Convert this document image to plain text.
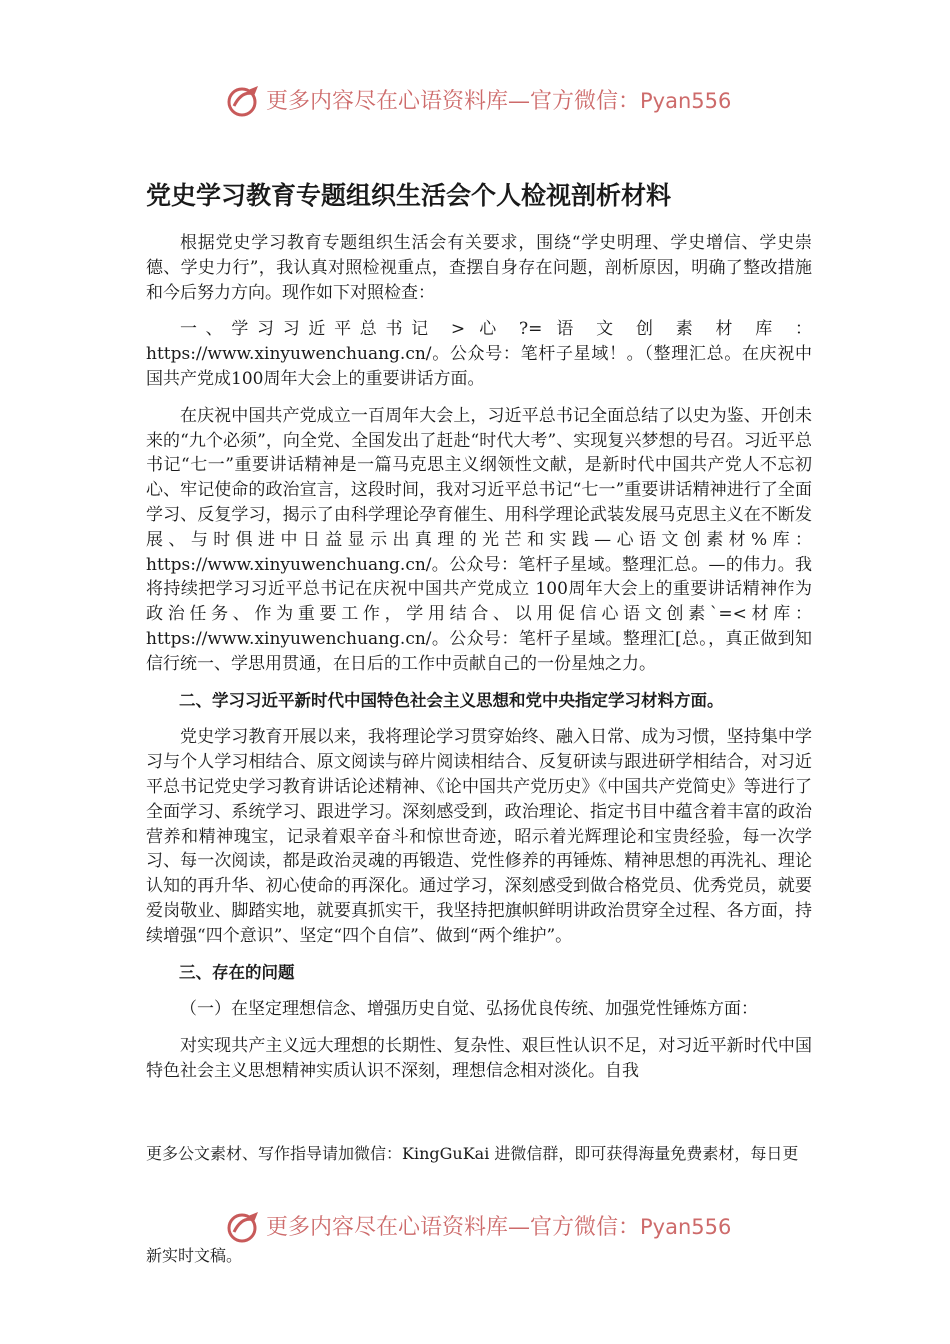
更多内容尽在心语资料库—官方微信：Pyan556
党史学习教育专题组织生活会个人检视剖析材料

根据党史学习教育专题组织生活会有关要求，围绕“学史明理、学史增信、学史崇德、学史力行”，我认真对照检视重点，查摆自身存在问题，剖析原因，明确了整改措施和今后努力方向。现作如下对照检查：

一、学习习近平总书记 > 心 ?= 语 文 创 素 材 库 ： https://www.xinyuwenchuang.cn/。公众号：笔杆子星域！。（整理汇总。在庆祝中国共产党成100周年大会上的重要讲话方面。

在庆祝中国共产党成立一百周年大会上，习近平总书记全面总结了以史为鉴、开创未来的“九个必须”，向全党、全国发出了赶赴“时代大考”、实现复兴梦想的号召。习近平总书记“七一”重要讲话精神是一篇马克思主义纲领性文献，是新时代中国共产党人不忘初心、牢记使命的政治宣言，这段时间，我对习近平总书记“七一”重要讲话精神进行了全面学习、反复学习，揭示了由科学理论孕育催生、用科学理论武装发展马克思主义在不断发展、与时俱进中日益显示出真理的光芒和实践—心语文创素材%库：https://www.xinyuwenchuang.cn/。公众号：笔杆子星域。整理汇总。—的伟力。我将持续把学习习近平总书记在庆祝中国共产党成立 100周年大会上的重要讲话精神作为政治任务、作为重要工作，学用结合、以用促信心语文创素`=<材库：https://www.xinyuwenchuang.cn/。公众号：笔杆子星域。整理汇[总。，真正做到知信行统一、学思用贯通，在日后的工作中贡献自己的一份星烛之力。

二、学习习近平新时代中国特色社会主义思想和党中央指定学习材料方面。

党史学习教育开展以来，我将理论学习贯穿始终、融入日常、成为习惯，坚持集中学习与个人学习相结合、原文阅读与碎片阅读相结合、反复研读与跟进研学相结合，对习近平总书记党史学习教育讲话论述精神、《论中国共产党历史》《中国共产党简史》等进行了全面学习、系统学习、跟进学习。深刻感受到，政治理论、指定书目中蕴含着丰富的政治营养和精神瑰宝，记录着艰辛奋斗和惊世奇迹，昭示着光辉理论和宝贵经验，每一次学习、每一次阅读，都是政治灵魂的再锻造、党性修养的再锤炼、精神思想的再洗礼、理论认知的再升华、初心使命的再深化。通过学习，深刻感受到做合格党员、优秀党员，就要爱岗敬业、脚踏实地，就要真抓实干，我坚持把旗帜鲜明讲政治贯穿全过程、各方面，持续增强“四个意识”、坚定“四个自信”、做到“两个维护”。

三、存在的问题

（一）在坚定理想信念、增强历史自觉、弘扬优良传统、加强党性锤炼方面：

对实现共产主义远大理想的长期性、复杂性、艰巨性认识不足，对习近平新时代中国特色社会主义思想精神实质认识不深刻，理想信念相对淡化。自我

更多公文素材、写作指导请加微信：KingGuKai 进微信群，即可获得海量免费素材，每日更
更多内容尽在心语资料库—官方微信：Pyan556
新实时文稿。
